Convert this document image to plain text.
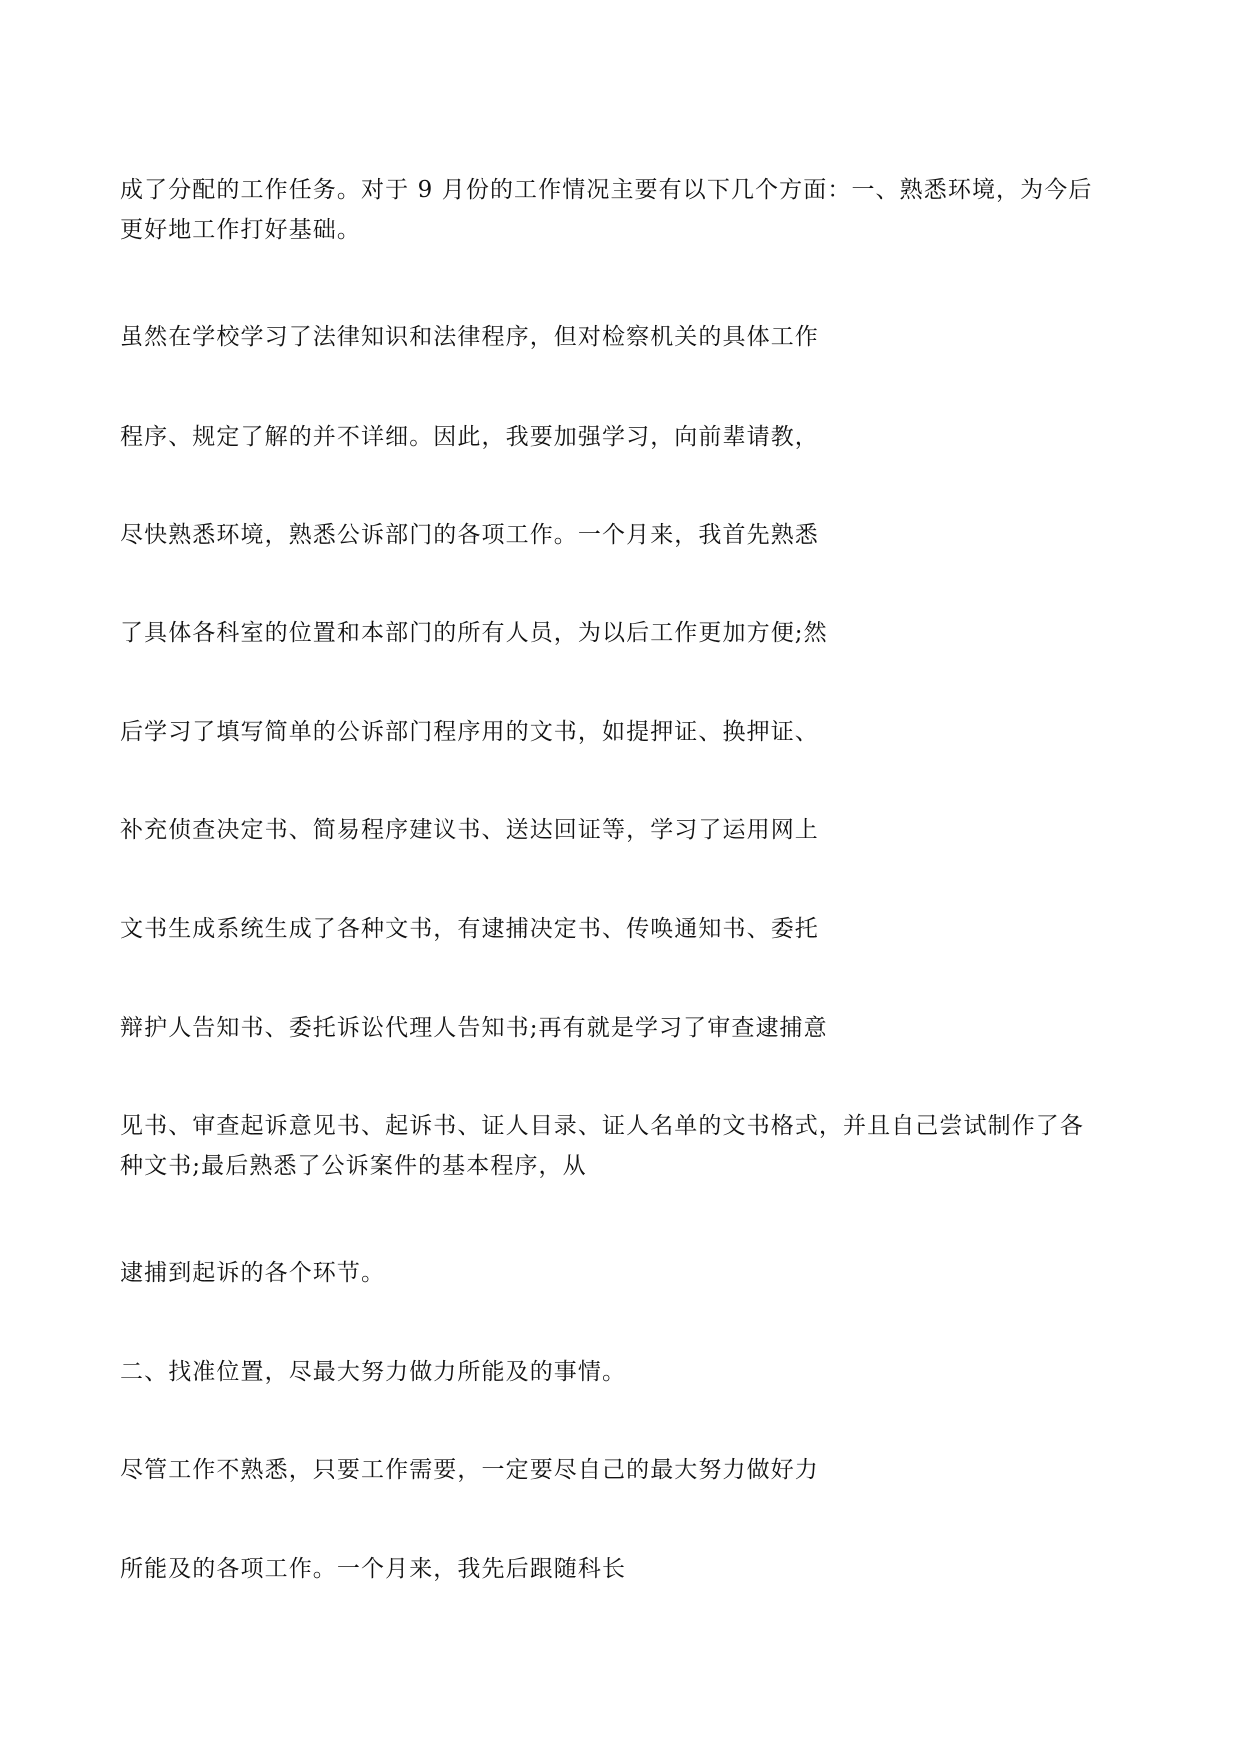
成了分配的工作任务。对于 9 月份的工作情况主要有以下几个方面：一、熟悉环境，为今后
更好地工作打好基础。

虽然在学校学习了法律知识和法律程序，但对检察机关的具体工作

程序、规定了解的并不详细。因此，我要加强学习，向前辈请教，

尽快熟悉环境，熟悉公诉部门的各项工作。一个月来，我首先熟悉

了具体各科室的位置和本部门的所有人员，为以后工作更加方便;然

后学习了填写简单的公诉部门程序用的文书，如提押证、换押证、

补充侦查决定书、简易程序建议书、送达回证等，学习了运用网上

文书生成系统生成了各种文书，有逮捕决定书、传唤通知书、委托

辩护人告知书、委托诉讼代理人告知书;再有就是学习了审查逮捕意

见书、审查起诉意见书、起诉书、证人目录、证人名单的文书格式，并且自己尝试制作了各
种文书;最后熟悉了公诉案件的基本程序，从

逮捕到起诉的各个环节。

二、找准位置，尽最大努力做力所能及的事情。

尽管工作不熟悉，只要工作需要，一定要尽自己的最大努力做好力

所能及的各项工作。一个月来，我先后跟随科长
